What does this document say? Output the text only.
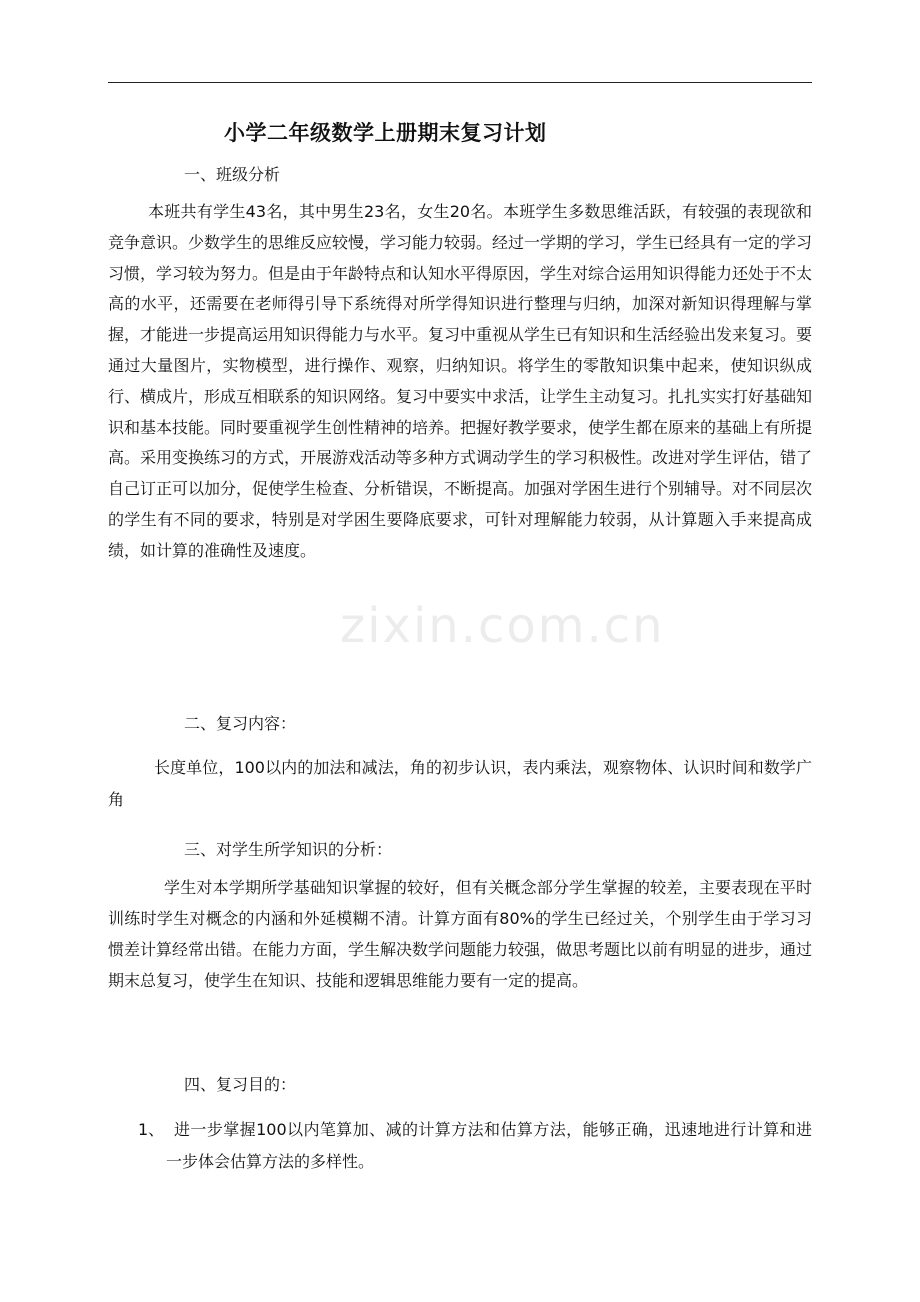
zixin.com.cn
小学二年级数学上册期末复习计划
一、班级分析

本班共有学生43名，其中男生23名，女生20名。本班学生多数思维活跃，有较强的表现欲和竞争意识。少数学生的思维反应较慢，学习能力较弱。经过一学期的学习，学生已经具有一定的学习习惯，学习较为努力。但是由于年龄特点和认知水平得原因，学生对综合运用知识得能力还处于不太高的水平，还需要在老师得引导下系统得对所学得知识进行整理与归纳，加深对新知识得理解与掌握，才能进一步提高运用知识得能力与水平。复习中重视从学生已有知识和生活经验出发来复习。要通过大量图片，实物模型，进行操作、观察，归纳知识。将学生的零散知识集中起来，使知识纵成行、横成片，形成互相联系的知识网络。复习中要实中求活，让学生主动复习。扎扎实实打好基础知识和基本技能。同时要重视学生创性精神的培养。把握好教学要求，使学生都在原来的基础上有所提高。采用变换练习的方式，开展游戏活动等多种方式调动学生的学习积极性。改进对学生评估，错了自己订正可以加分，促使学生检查、分析错误，不断提高。加强对学困生进行个别辅导。对不同层次的学生有不同的要求，特别是对学困生要降底要求，可针对理解能力较弱，从计算题入手来提高成绩，如计算的准确性及速度。

二、复习内容：

长度单位，100以内的加法和减法，角的初步认识，表内乘法，观察物体、认识时间和数学广角

三、对学生所学知识的分析：

学生对本学期所学基础知识掌握的较好，但有关概念部分学生掌握的较差，主要表现在平时训练时学生对概念的内涵和外延模糊不清。计算方面有80%的学生已经过关，个别学生由于学习习惯差计算经常出错。在能力方面，学生解决数学问题能力较强，做思考题比以前有明显的进步，通过期末总复习，使学生在知识、技能和逻辑思维能力要有一定的提高。

四、复习目的：
1、 进一步掌握100以内笔算加、减的计算方法和估算方法，能够正确，迅速地进行计算和进一步体会估算方法的多样性。
